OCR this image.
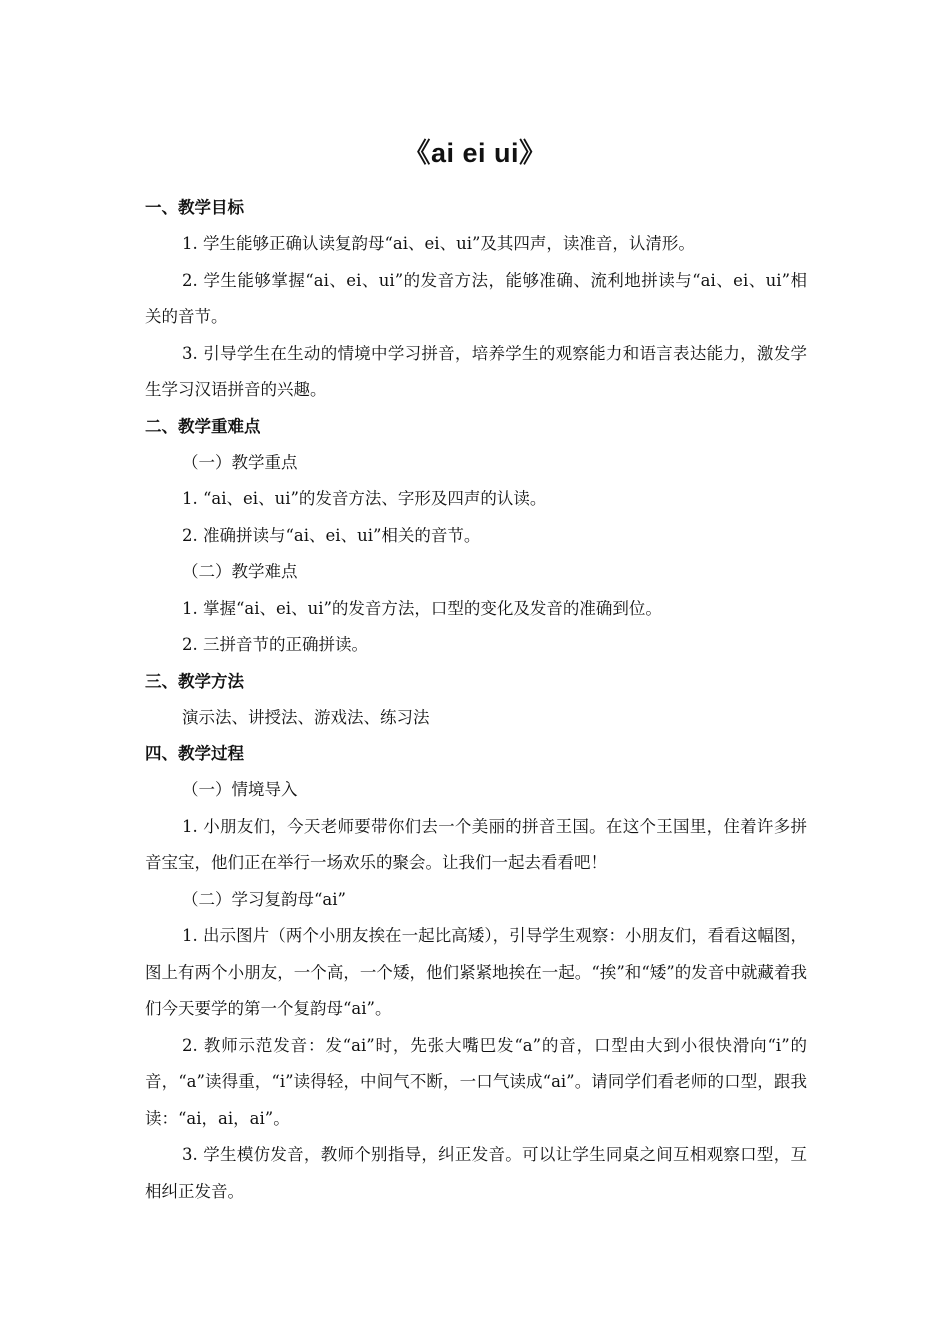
《ai ei ui》
一、教学目标

1. 学生能够正确认读复韵母“ai、ei、ui”及其四声，读准音，认清形。

2. 学生能够掌握“ai、ei、ui”的发音方法，能够准确、流利地拼读与“ai、ei、ui”相关的音节。

3. 引导学生在生动的情境中学习拼音，培养学生的观察能力和语言表达能力，激发学生学习汉语拼音的兴趣。

二、教学重难点

（一）教学重点

1. “ai、ei、ui”的发音方法、字形及四声的认读。

2. 准确拼读与“ai、ei、ui”相关的音节。

（二）教学难点

1. 掌握“ai、ei、ui”的发音方法，口型的变化及发音的准确到位。

2. 三拼音节的正确拼读。

三、教学方法

演示法、讲授法、游戏法、练习法

四、教学过程

（一）情境导入

1. 小朋友们，今天老师要带你们去一个美丽的拼音王国。在这个王国里，住着许多拼音宝宝，他们正在举行一场欢乐的聚会。让我们一起去看看吧！

（二）学习复韵母“ai”

1. 出示图片（两个小朋友挨在一起比高矮），引导学生观察：小朋友们，看看这幅图，图上有两个小朋友，一个高，一个矮，他们紧紧地挨在一起。“挨”和“矮”的发音中就藏着我们今天要学的第一个复韵母“ai”。

2. 教师示范发音：发“ai”时，先张大嘴巴发“a”的音，口型由大到小很快滑向“i”的音，“a”读得重，“i”读得轻，中间气不断，一口气读成“ai”。请同学们看老师的口型，跟我读：“ai，ai，ai”。

3. 学生模仿发音，教师个别指导，纠正发音。可以让学生同桌之间互相观察口型，互相纠正发音。
